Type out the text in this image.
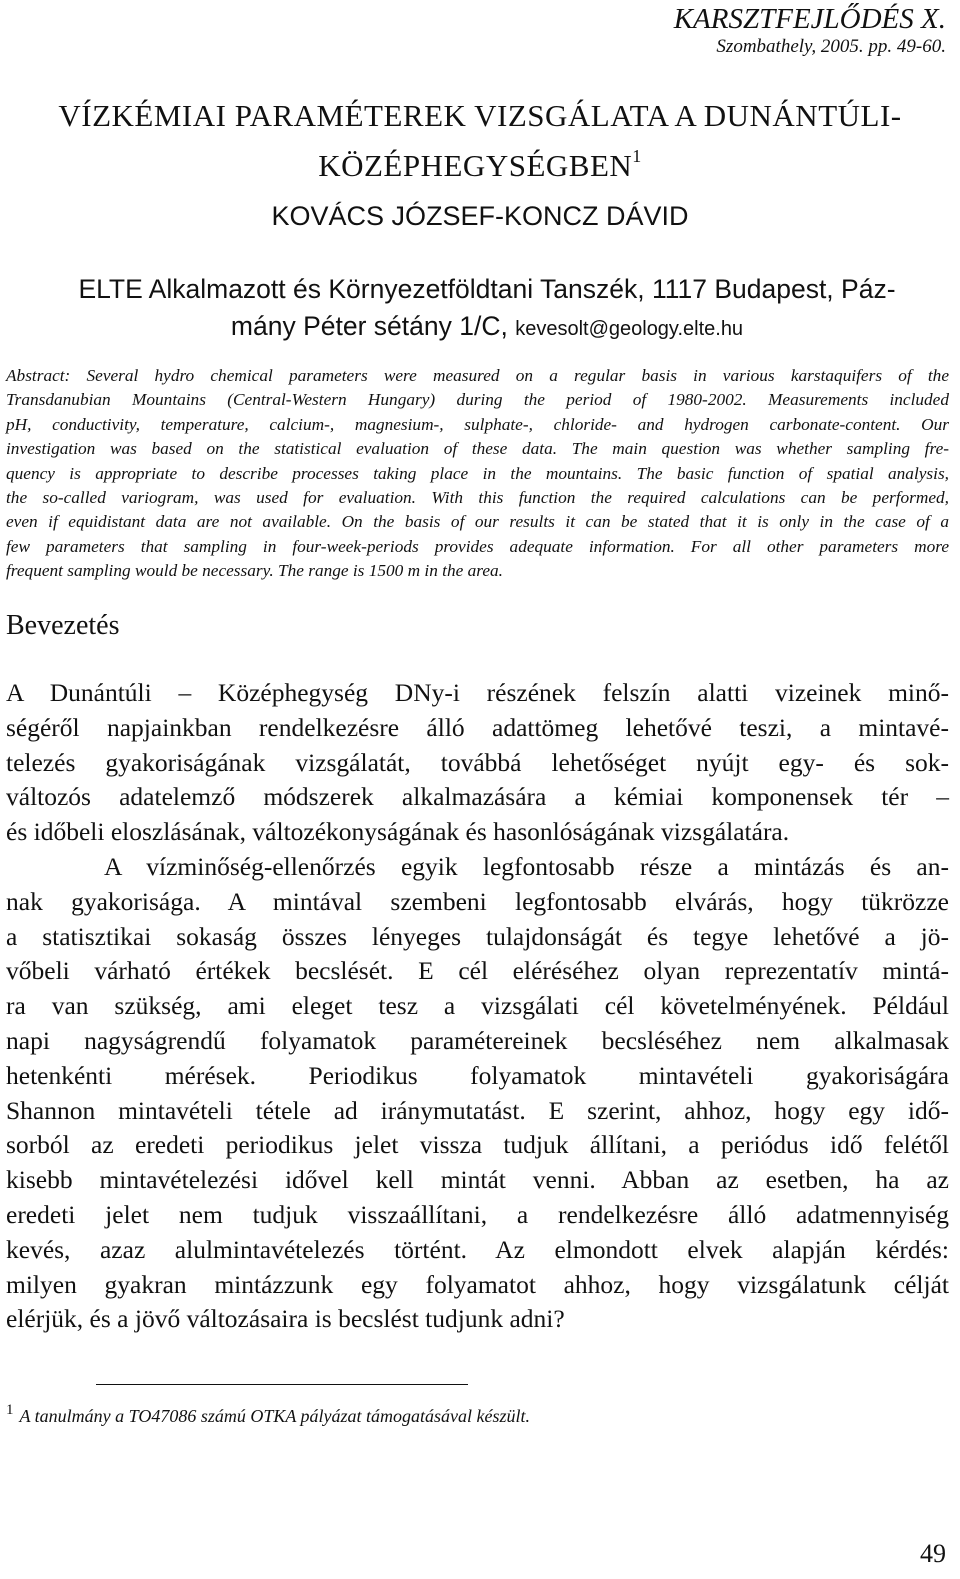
KARSZTFEJLŐDÉS X.
Szombathely, 2005. pp. 49-60.
VÍZKÉMIAI PARAMÉTEREK VIZSGÁLATA A DUNÁNTÚLI-
KÖZÉPHEGYSÉGBEN$^1$
KOVÁCS JÓZSEF-KONCZ DÁVID
ELTE Alkalmazott és Környezetföldtani Tanszék, 1117 Budapest, Páz-
mány Péter sétány 1/C, kevesolt@geology.elte.hu
Abstract: Several hydro chemical parameters were measured on a regular basis in various karstaquifers of the
Transdanubian Mountains (Central-Western Hungary) during the period of 1980-2002. Measurements included
pH, conductivity, temperature, calcium-, magnesium-, sulphate-, chloride- and hydrogen carbonate-content. Our
investigation was based on the statistical evaluation of these data. The main question was whether sampling fre-
quency is appropriate to describe processes taking place in the mountains. The basic function of spatial analysis,
the so-called variogram, was used for evaluation. With this function the required calculations can be performed,
even if equidistant data are not available. On the basis of our results it can be stated that it is only in the case of a
few parameters that sampling in four-week-periods provides adequate information. For all other parameters more
frequent sampling would be necessary. The range is 1500 m in the area.
Bevezetés
A Dunántúli – Középhegység DNy-i részének felszín alatti vizeinek minő-
ségéről napjainkban rendelkezésre álló adattömeg lehetővé teszi, a mintavé-
telezés gyakoriságának vizsgálatát, továbbá lehetőséget nyújt egy- és sok-
változós adatelemző módszerek alkalmazására a kémiai komponensek tér –
és időbeli eloszlásának, változékonyságának és hasonlóságának vizsgálatára.
A vízminőség-ellenőrzés egyik legfontosabb része a mintázás és an-
nak gyakorisága. A mintával szembeni legfontosabb elvárás, hogy tükrözze
a statisztikai sokaság összes lényeges tulajdonságát és tegye lehetővé a jö-
vőbeli várható értékek becslését. E cél eléréséhez olyan reprezentatív mintá-
ra van szükség, ami eleget tesz a vizsgálati cél követelményének. Például
napi nagyságrendű folyamatok paramétereinek becsléséhez nem alkalmasak
hetenkénti mérések. Periodikus folyamatok mintavételi gyakoriságára
Shannon mintavételi tétele ad iránymutatást. E szerint, ahhoz, hogy egy idő-
sorból az eredeti periodikus jelet vissza tudjuk állítani, a periódus idő felétől
kisebb mintavételezési idővel kell mintát venni. Abban az esetben, ha az
eredeti jelet nem tudjuk visszaállítani, a rendelkezésre álló adatmennyiség
kevés, azaz alulmintavételezés történt. Az elmondott elvek alapján kérdés:
milyen gyakran mintázzunk egy folyamatot ahhoz, hogy vizsgálatunk célját
elérjük, és a jövő változásaira is becslést tudjunk adni?
$^1$ A tanulmány a TO47086 számú OTKA pályázat támogatásával készült.
49
